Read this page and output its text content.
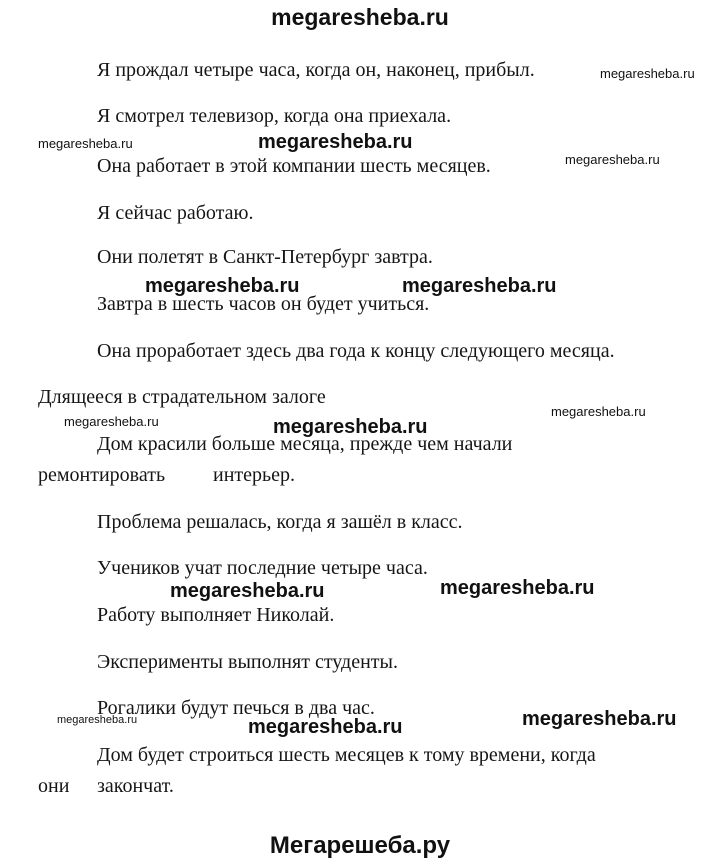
megaresheba.ru
Я прождал четыре часа, когда он, наконец, прибыл.
Я смотрел телевизор, когда она приехала.
Она работает в этой компании шесть месяцев.
Я сейчас работаю.
Они полетят в Санкт-Петербург завтра.
Завтра в шесть часов он будет учиться.
Она проработает здесь два года к концу следующего месяца.
Длящееся в страдательном залоге
Дом красили больше месяца, прежде чем начали
ремонтировать интерьер.
Проблема решалась, когда я зашёл в класс.
Учеников учат последние четыре часа.
Работу выполняет Николай.
Эксперименты выполнят студенты.
Рогалики будут печься в два час.
Дом будет строиться шесть месяцев к тому времени, когда
они закончат.
megaresheba.ru
megaresheba.ru	megaresheba.ru
megaresheba.ru
megaresheba.ru	megaresheba.ru
megaresheba.ru	megaresheba.ru
megaresheba.ru
megaresheba.ru	megaresheba.ru
megaresheba.ru	megaresheba.ru	megaresheba.ru
Мегарешеба.ру
